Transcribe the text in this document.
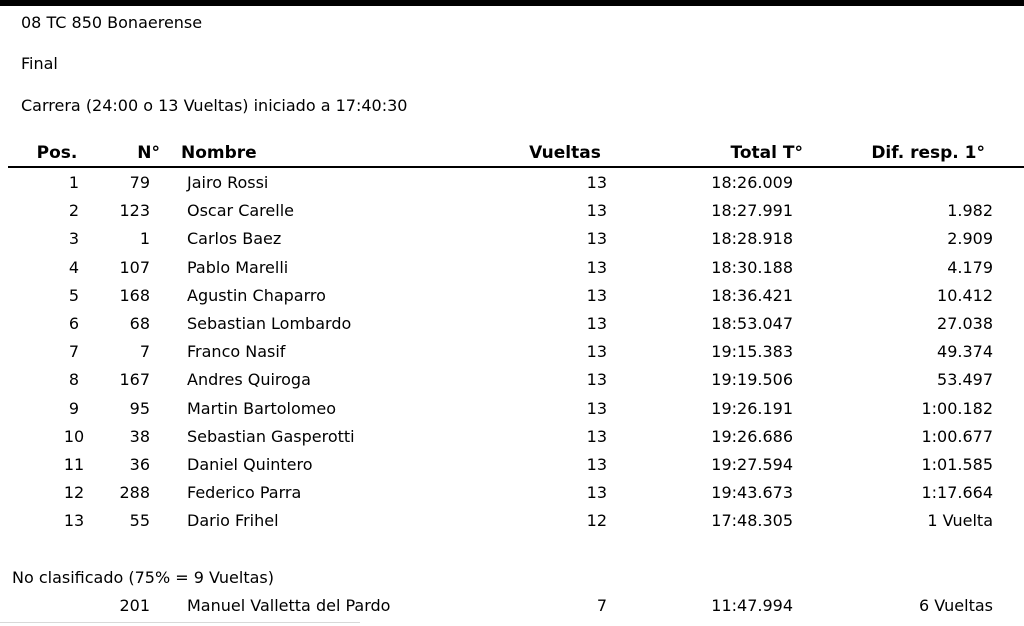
08 TC 850 Bonaerense
Final
Carrera (24:00 o 13 Vueltas) iniciado a 17:40:30
Pos.	N° Nombre	Vueltas	Total T°	Dif. resp. 1°
1	79 Jairo Rossi	13	18:26.009
2	123 Oscar Carelle	13	18:27.991	1.982
3	1 Carlos Baez	13	18:28.918	2.909
4	107 Pablo Marelli	13	18:30.188	4.179
5	168 Agustin Chaparro	13	18:36.421	10.412
6	68 Sebastian Lombardo	13	18:53.047	27.038
7	7 Franco Nasif	13	19:15.383	49.374
8	167 Andres Quiroga	13	19:19.506	53.497
9	95 Martin Bartolomeo	13	19:26.191	1:00.182
10	38 Sebastian Gasperotti	13	19:26.686	1:00.677
11	36 Daniel Quintero	13	19:27.594	1:01.585
12	288 Federico Parra	13	19:43.673	1:17.664
13	55 Dario Frihel	12	17:48.305	1 Vuelta
No clasificado (75% = 9 Vueltas)
201 Manuel Valletta del Pardo	7	11:47.994	6 Vueltas
